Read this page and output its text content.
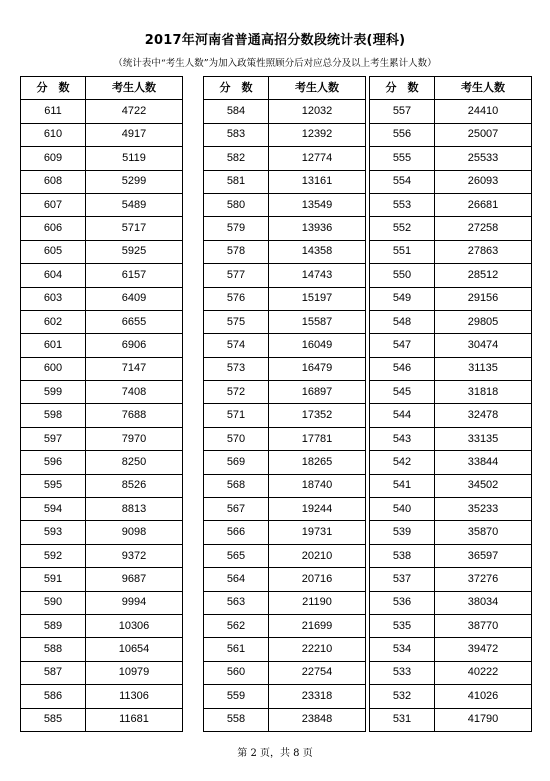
2017年河南省普通高招分数段统计表(理科)
（统计表中“考生人数”为加入政策性照顾分后对应总分及以上考生累计人数）
分　数	考生人数
611	4722
610	4917
609	5119
608	5299
607	5489
606	5717
605	5925
604	6157
603	6409
602	6655
601	6906
600	7147
599	7408
598	7688
597	7970
596	8250
595	8526
594	8813
593	9098
592	9372
591	9687
590	9994
589	10306
588	10654
587	10979
586	11306
585	11681
分　数	考生人数
584	12032
583	12392
582	12774
581	13161
580	13549
579	13936
578	14358
577	14743
576	15197
575	15587
574	16049
573	16479
572	16897
571	17352
570	17781
569	18265
568	18740
567	19244
566	19731
565	20210
564	20716
563	21190
562	21699
561	22210
560	22754
559	23318
558	23848
分　数	考生人数
557	24410
556	25007
555	25533
554	26093
553	26681
552	27258
551	27863
550	28512
549	29156
548	29805
547	30474
546	31135
545	31818
544	32478
543	33135
542	33844
541	34502
540	35233
539	35870
538	36597
537	37276
536	38034
535	38770
534	39472
533	40222
532	41026
531	41790
第 2 页，共 8 页
